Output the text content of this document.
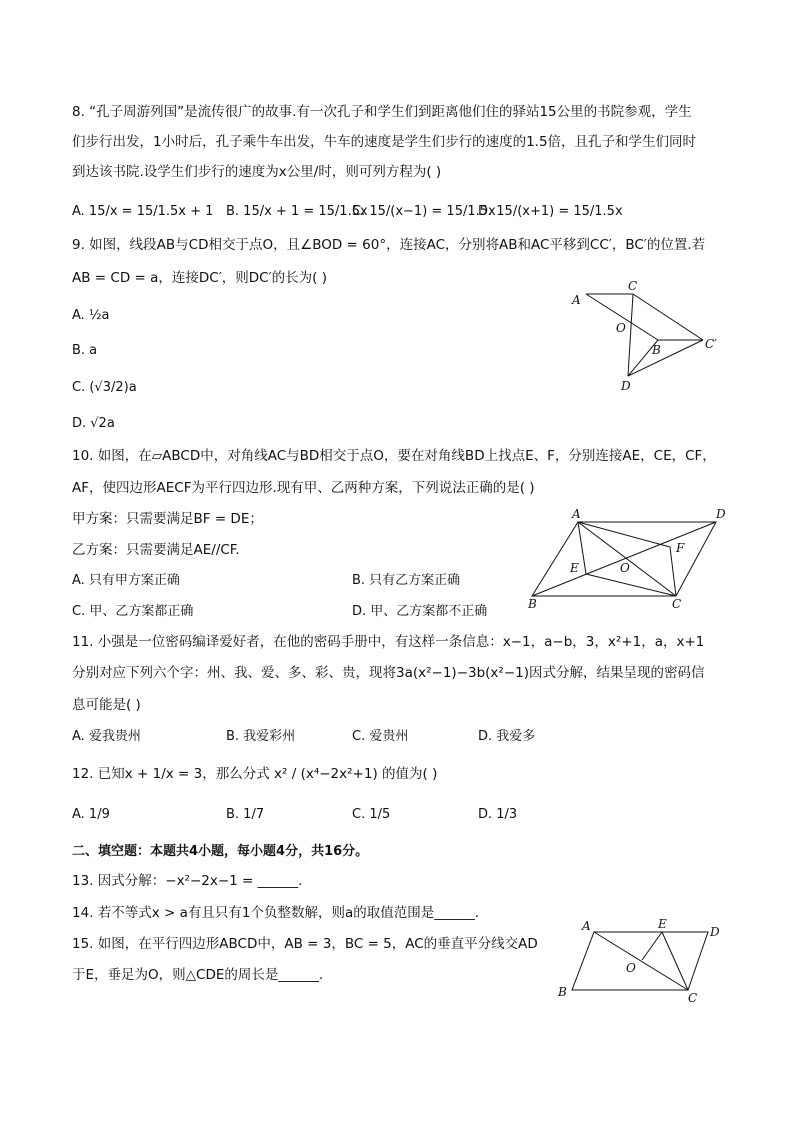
8. “孔子周游列国”是流传很广的故事.有一次孔子和学生们到距离他们住的驿站15公里的书院参观，学生
们步行出发，1小时后，孔子乘牛车出发，牛车的速度是学生们步行的速度的1.5倍，且孔子和学生们同时
到达该书院.设学生们步行的速度为x公里/时，则可列方程为( )
A. 15/x = 15/1.5x + 1 B. 15/x + 1 = 15/1.5x
C. 15/(x−1) = 15/1.5x
D. 15/(x+1) = 15/1.5x
9. 如图，线段AB与CD相交于点O，且∠BOD = 60°，连接AC，分别将AB和AC平移到CC′，BC′的位置.若
AB = CD = a，连接DC′，则DC′的长为( )
A. ½a
B. a
C. (√3/2)a
D. √2a
A
C
O
B	C′
D
10. 如图，在▱ABCD中，对角线AC与BD相交于点O，要在对角线BD上找点E、F，分别连接AE，CE，CF，
AF，使四边形AECF为平行四边形.现有甲、乙两种方案，下列说法正确的是( )
甲方案：只需要满足BF = DE；
乙方案：只需要满足AE//CF.
A. 只有甲方案正确	B. 只有乙方案正确
C. 甲、乙方案都正确	D. 甲、乙方案都不正确
A	D
F
E	O
B	C
11. 小强是一位密码编译爱好者，在他的密码手册中，有这样一条信息：x−1，a−b，3，x²+1，a，x+1
分别对应下列六个字：州、我、爱、多、彩、贵，现将3a(x²−1)−3b(x²−1)因式分解，结果呈现的密码信
息可能是( )
A. 爱我贵州	B. 我爱彩州	C. 爱贵州	D. 我爱多
12. 已知x + 1/x = 3，那么分式 x² / (x⁴−2x²+1) 的值为( )
A. 1/9	B. 1/7	C. 1/5	D. 1/3
二、填空题：本题共4小题，每小题4分，共16分。
13. 因式分解：−x²−2x−1 = ______.
14. 若不等式x > a有且只有1个负整数解，则a的取值范围是______.
15. 如图，在平行四边形ABCD中，AB = 3，BC = 5，AC的垂直平分线交AD
于E，垂足为O，则△CDE的周长是______.
A	E
D
O
B	C
